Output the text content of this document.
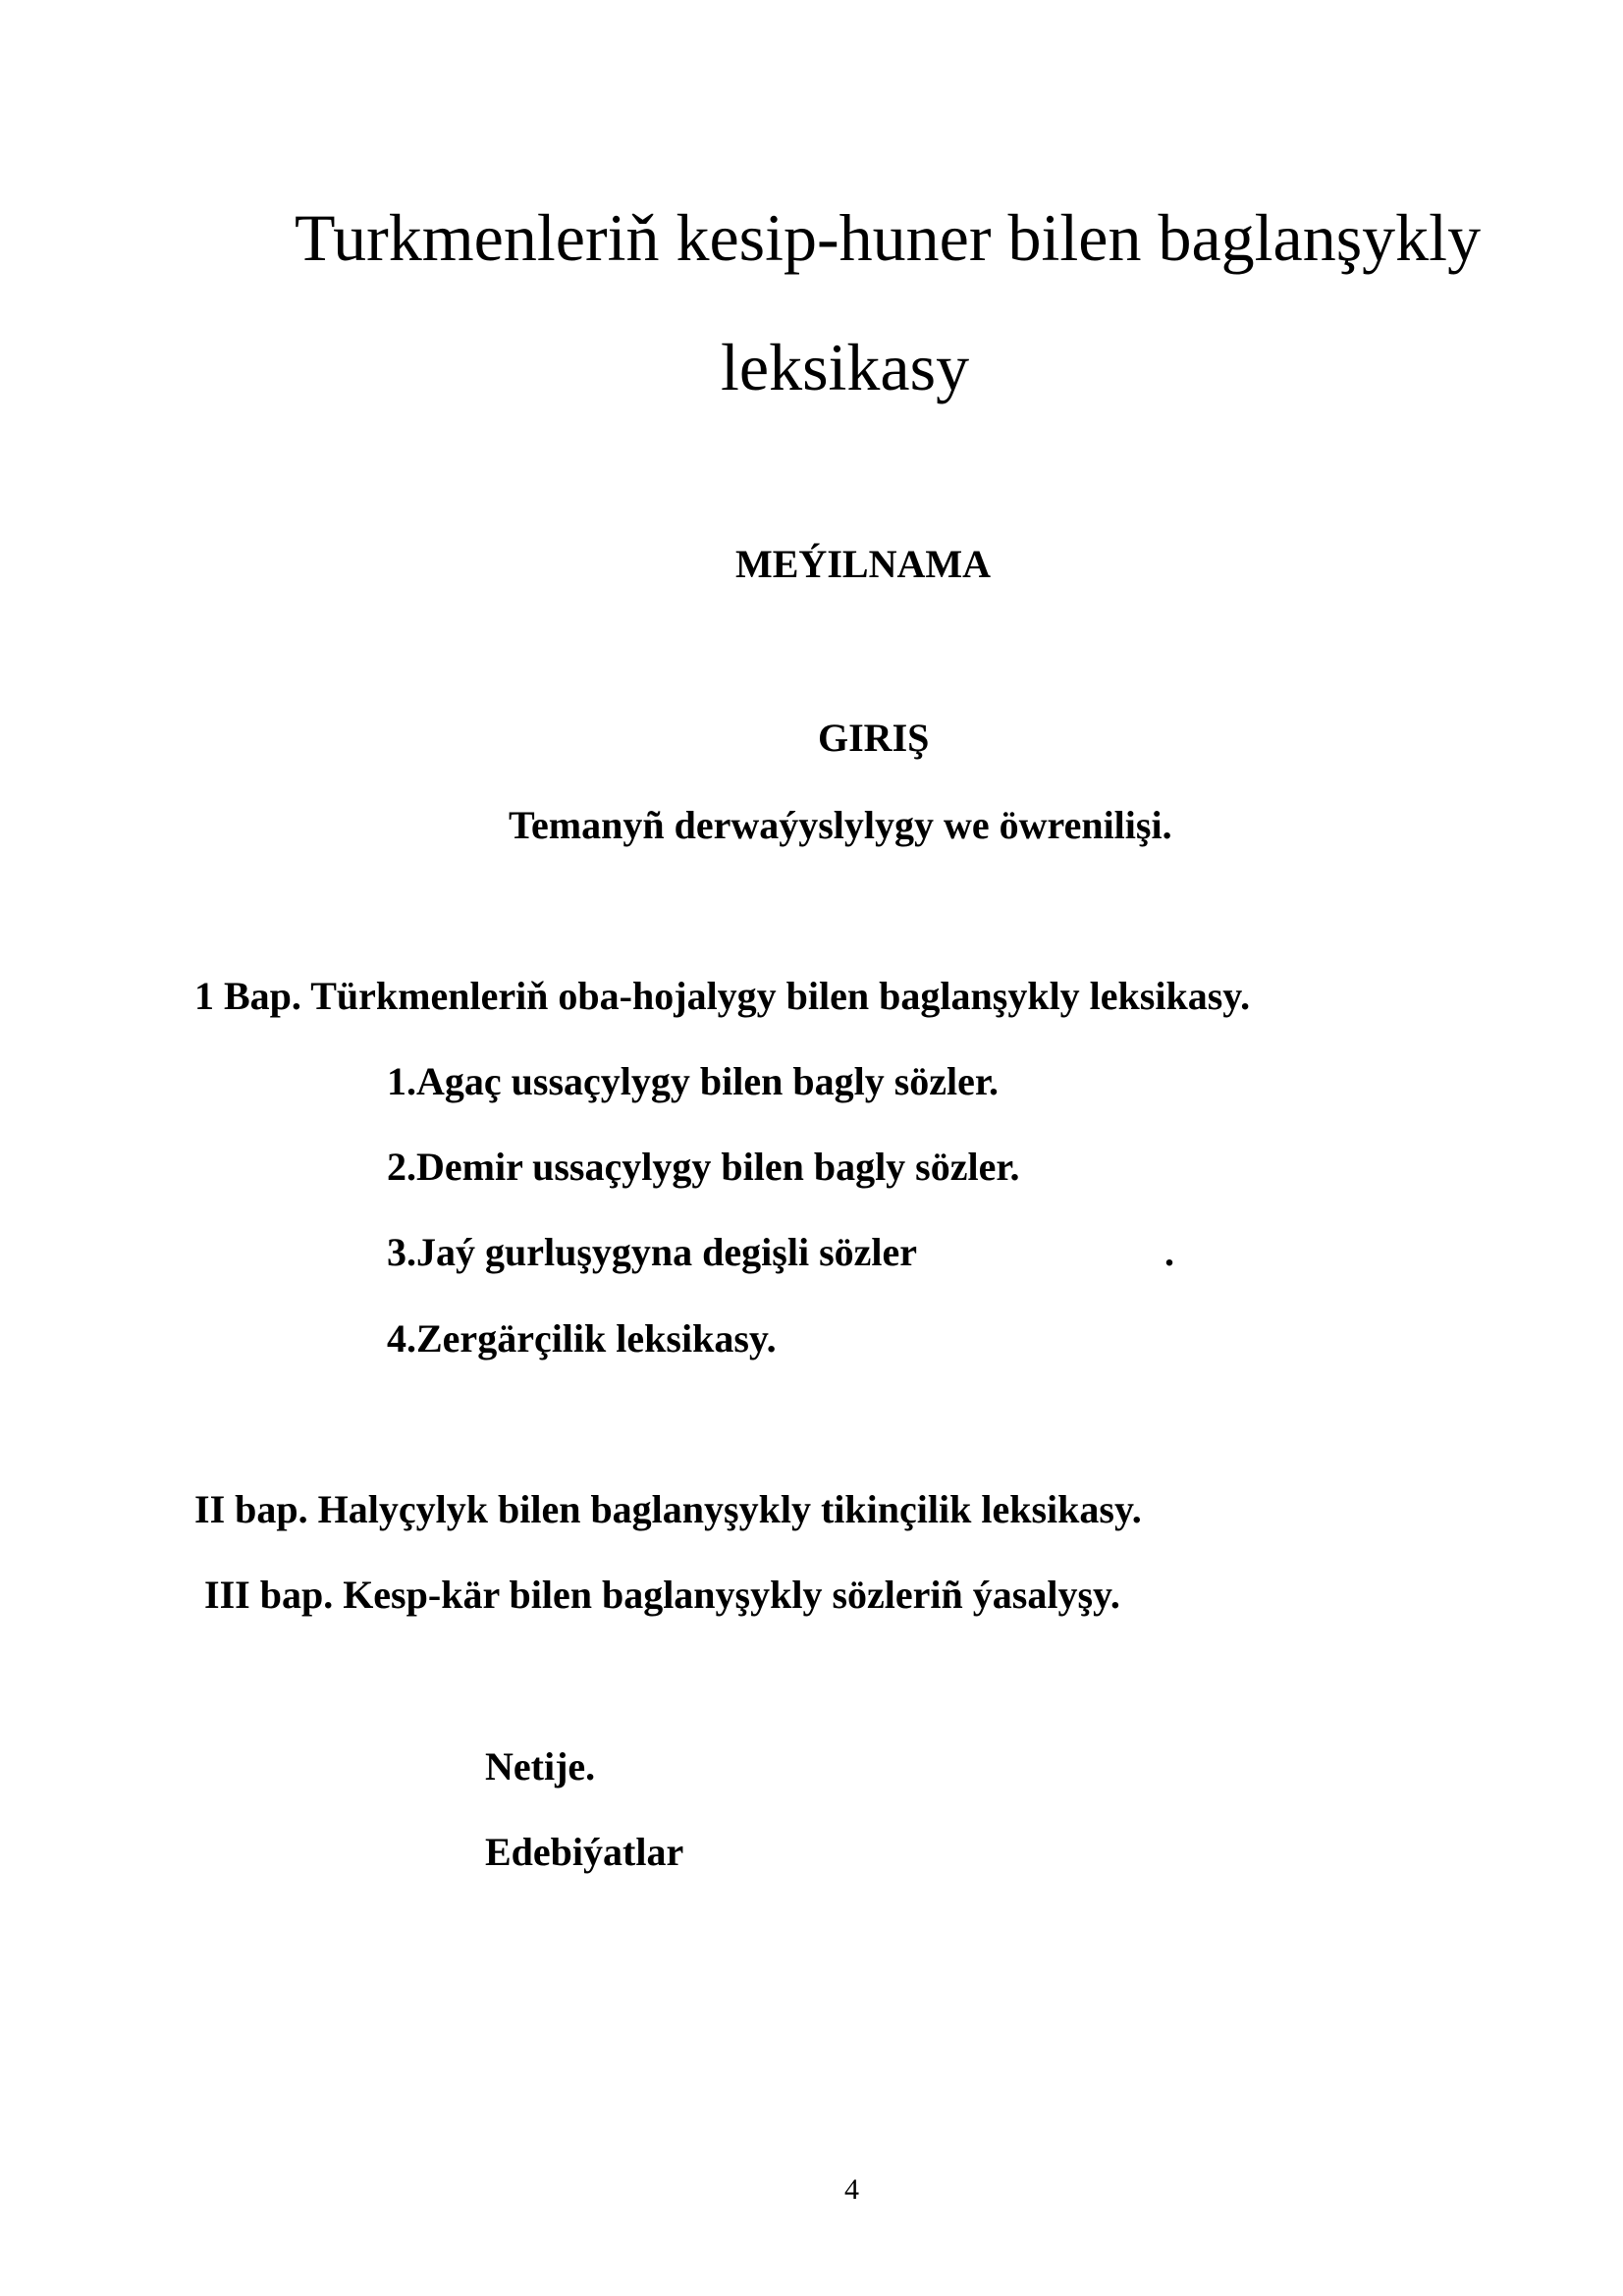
Turkmenleriň kesip-huner bilen baglanşykly
leksikasy
MEÝILNAMA
GIRIŞ
Temanyñ derwaýyslylygy we öwrenilişi.
1 Bap. Türkmenleriň oba-hojalygy bilen baglanşykly leksikasy.
1.Agaç ussaçylygy bilen bagly sözler.
2.Demir ussaçylygy bilen bagly sözler.
3.Jaý gurluşygyna degişli sözler	.
4.Zergärçilik leksikasy.
II bap. Halyçylyk bilen baglanyşykly tikinçilik leksikasy.
III bap. Kesp-kär bilen baglanyşykly sözleriñ ýasalyşy.
Netije.
Edebiýatlar
4
